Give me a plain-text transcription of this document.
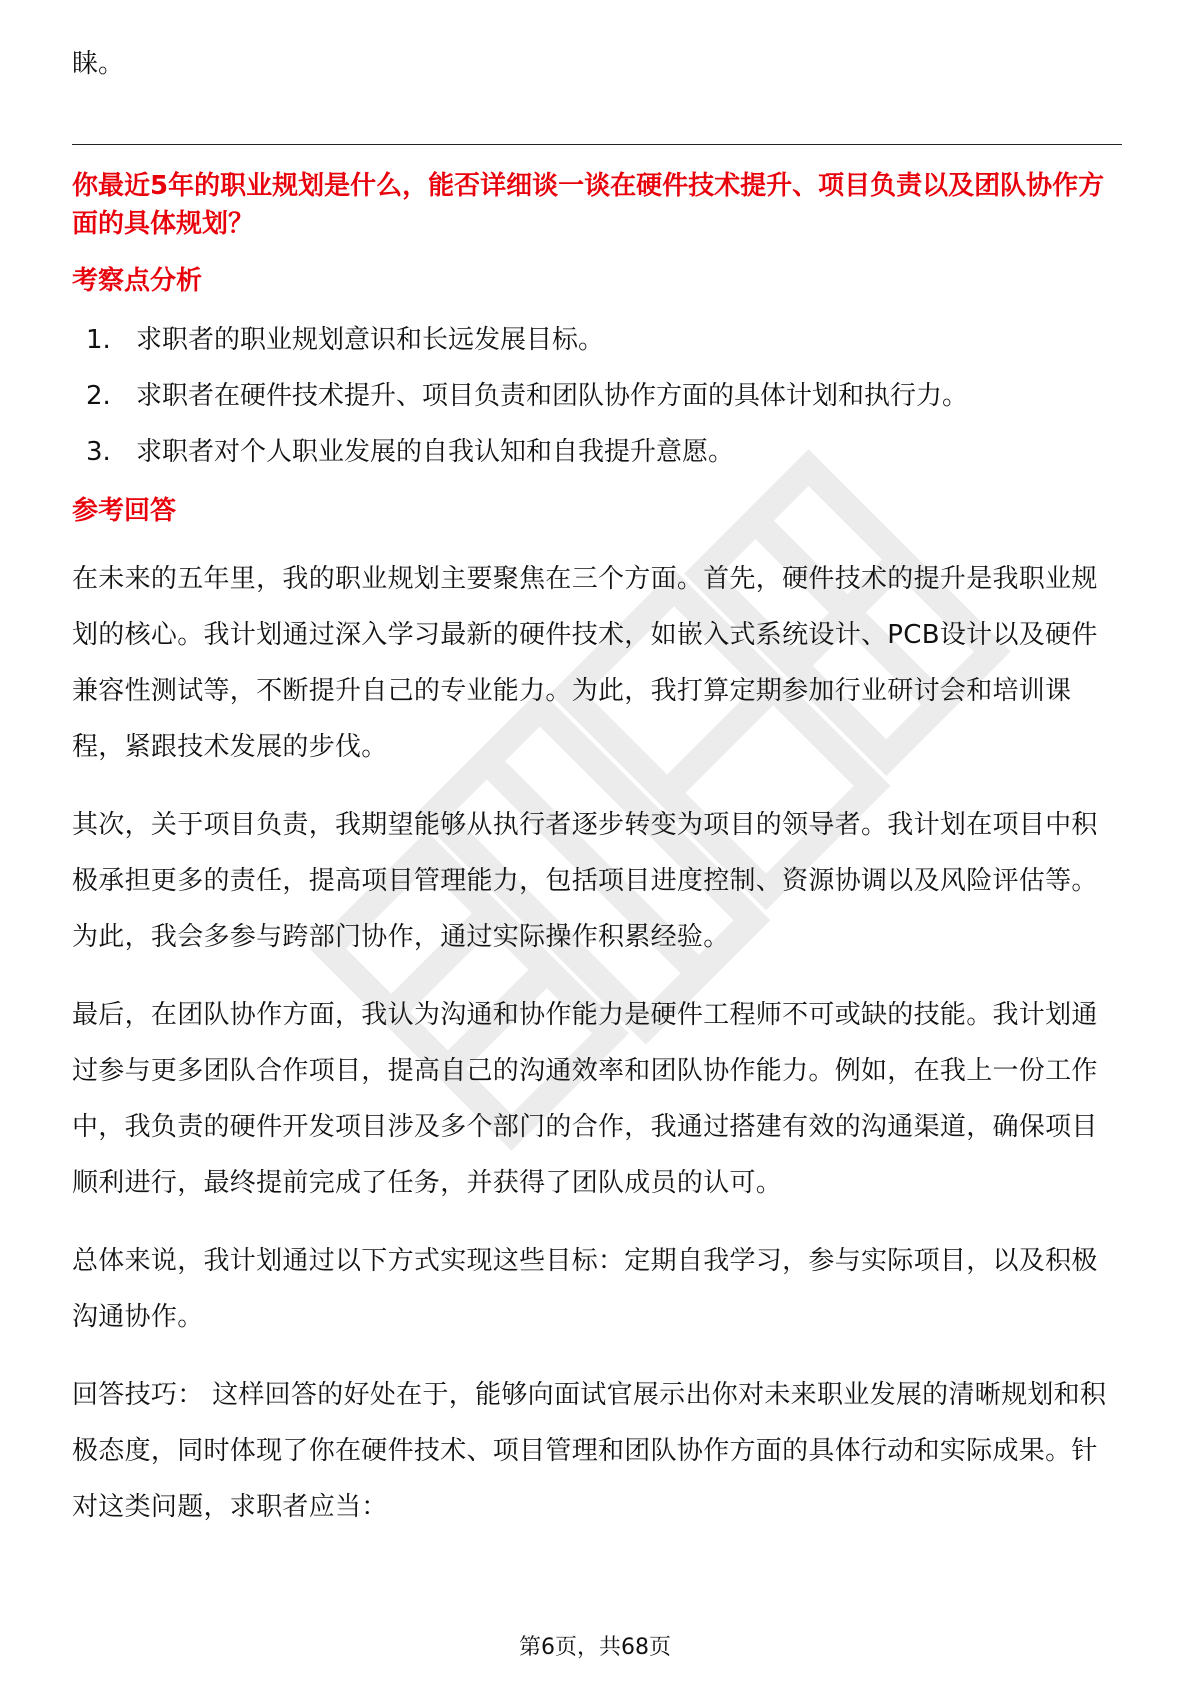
睐。

你最近5年的职业规划是什么，能否详细谈一谈在硬件技术提升、项目负责以及团队协作方面的具体规划？

考察点分析

1. 求职者的职业规划意识和长远发展目标。
2. 求职者在硬件技术提升、项目负责和团队协作方面的具体计划和执行力。
3. 求职者对个人职业发展的自我认知和自我提升意愿。

参考回答

在未来的五年里，我的职业规划主要聚焦在三个方面。首先，硬件技术的提升是我职业规划的核心。我计划通过深入学习最新的硬件技术，如嵌入式系统设计、PCB设计以及硬件兼容性测试等，不断提升自己的专业能力。为此，我打算定期参加行业研讨会和培训课程，紧跟技术发展的步伐。

其次，关于项目负责，我期望能够从执行者逐步转变为项目的领导者。我计划在项目中积极承担更多的责任，提高项目管理能力，包括项目进度控制、资源协调以及风险评估等。为此，我会多参与跨部门协作，通过实际操作积累经验。

最后，在团队协作方面，我认为沟通和协作能力是硬件工程师不可或缺的技能。我计划通过参与更多团队合作项目，提高自己的沟通效率和团队协作能力。例如，在我上一份工作中，我负责的硬件开发项目涉及多个部门的合作，我通过搭建有效的沟通渠道，确保项目顺利进行，最终提前完成了任务，并获得了团队成员的认可。

总体来说，我计划通过以下方式实现这些目标：定期自我学习，参与实际项目，以及积极沟通协作。

回答技巧： 这样回答的好处在于，能够向面试官展示出你对未来职业发展的清晰规划和积极态度，同时体现了你在硬件技术、项目管理和团队协作方面的具体行动和实际成果。针对这类问题，求职者应当：

第6页，共68页
